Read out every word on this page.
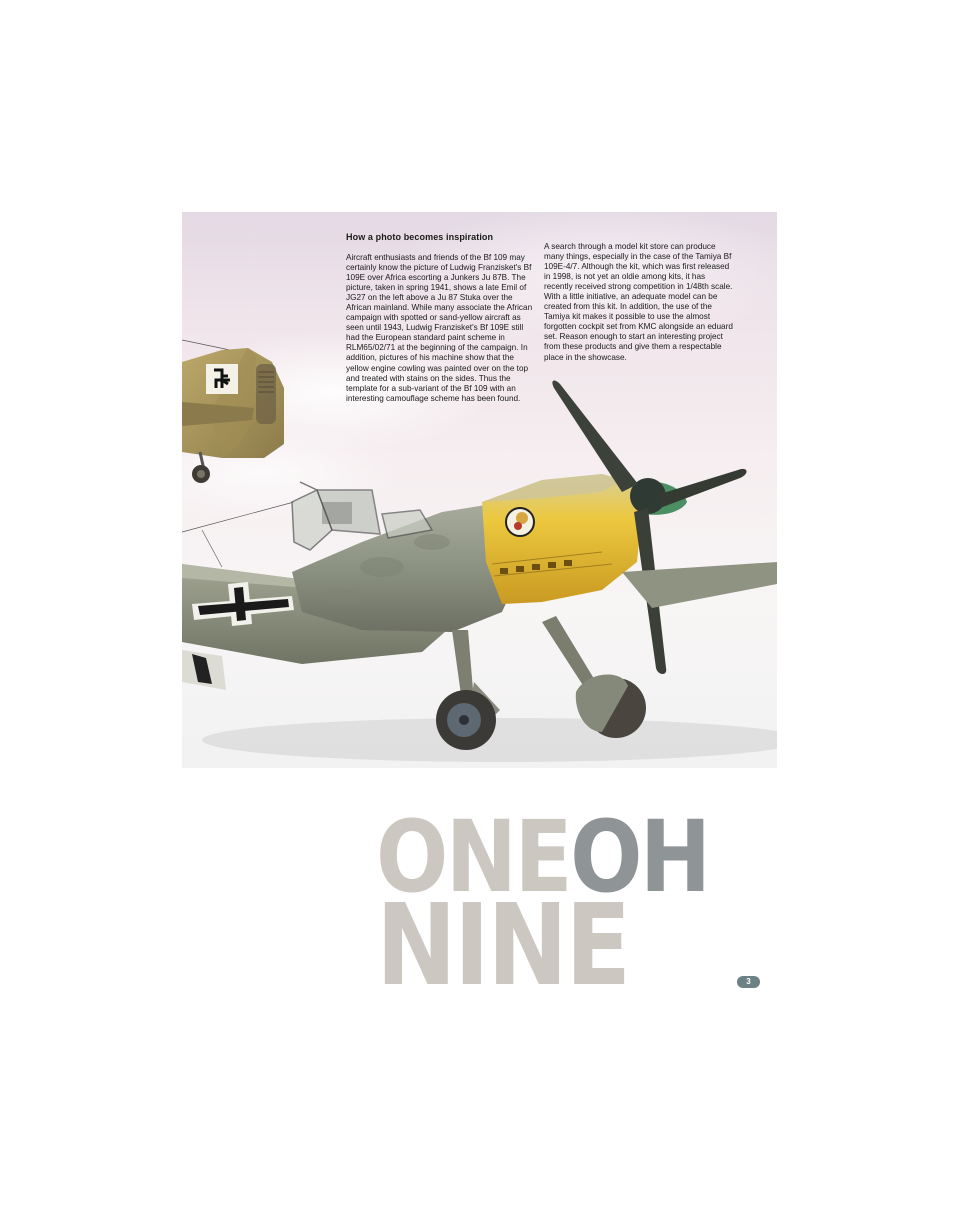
How a photo becomes inspiration

Aircraft enthusiasts and friends of the Bf 109 may certainly know the picture of Ludwig Franzisket's Bf 109E over Africa escorting a Junkers Ju 87B. The picture, taken in spring 1941, shows a late Emil of JG27 on the left above a Ju 87 Stuka over the African mainland. While many associate the African campaign with spotted or sand-yellow aircraft as seen until 1943, Ludwig Franzisket's Bf 109E still had the European standard paint scheme in RLM65/02/71 at the beginning of the campaign. In addition, pictures of his machine show that the yellow engine cowling was painted over on the top and treated with stains on the sides. Thus the template for a sub-variant of the Bf 109 with an interesting camouflage scheme has been found.

A search through a model kit store can produce many things, especially in the case of the Tamiya Bf 109E-4/7. Although the kit, which was first released in 1998, is not yet an oldie among kits, it has recently received strong competition in 1/48th scale. With a little initiative, an adequate model can be created from this kit. In addition, the use of the Tamiya kit makes it possible to use the almost forgotten cockpit set from KMC alongside an eduard set. Reason enough to start an interesting project from these products and give them a respectable place in the showcase.

ONEOH
NINE	3
